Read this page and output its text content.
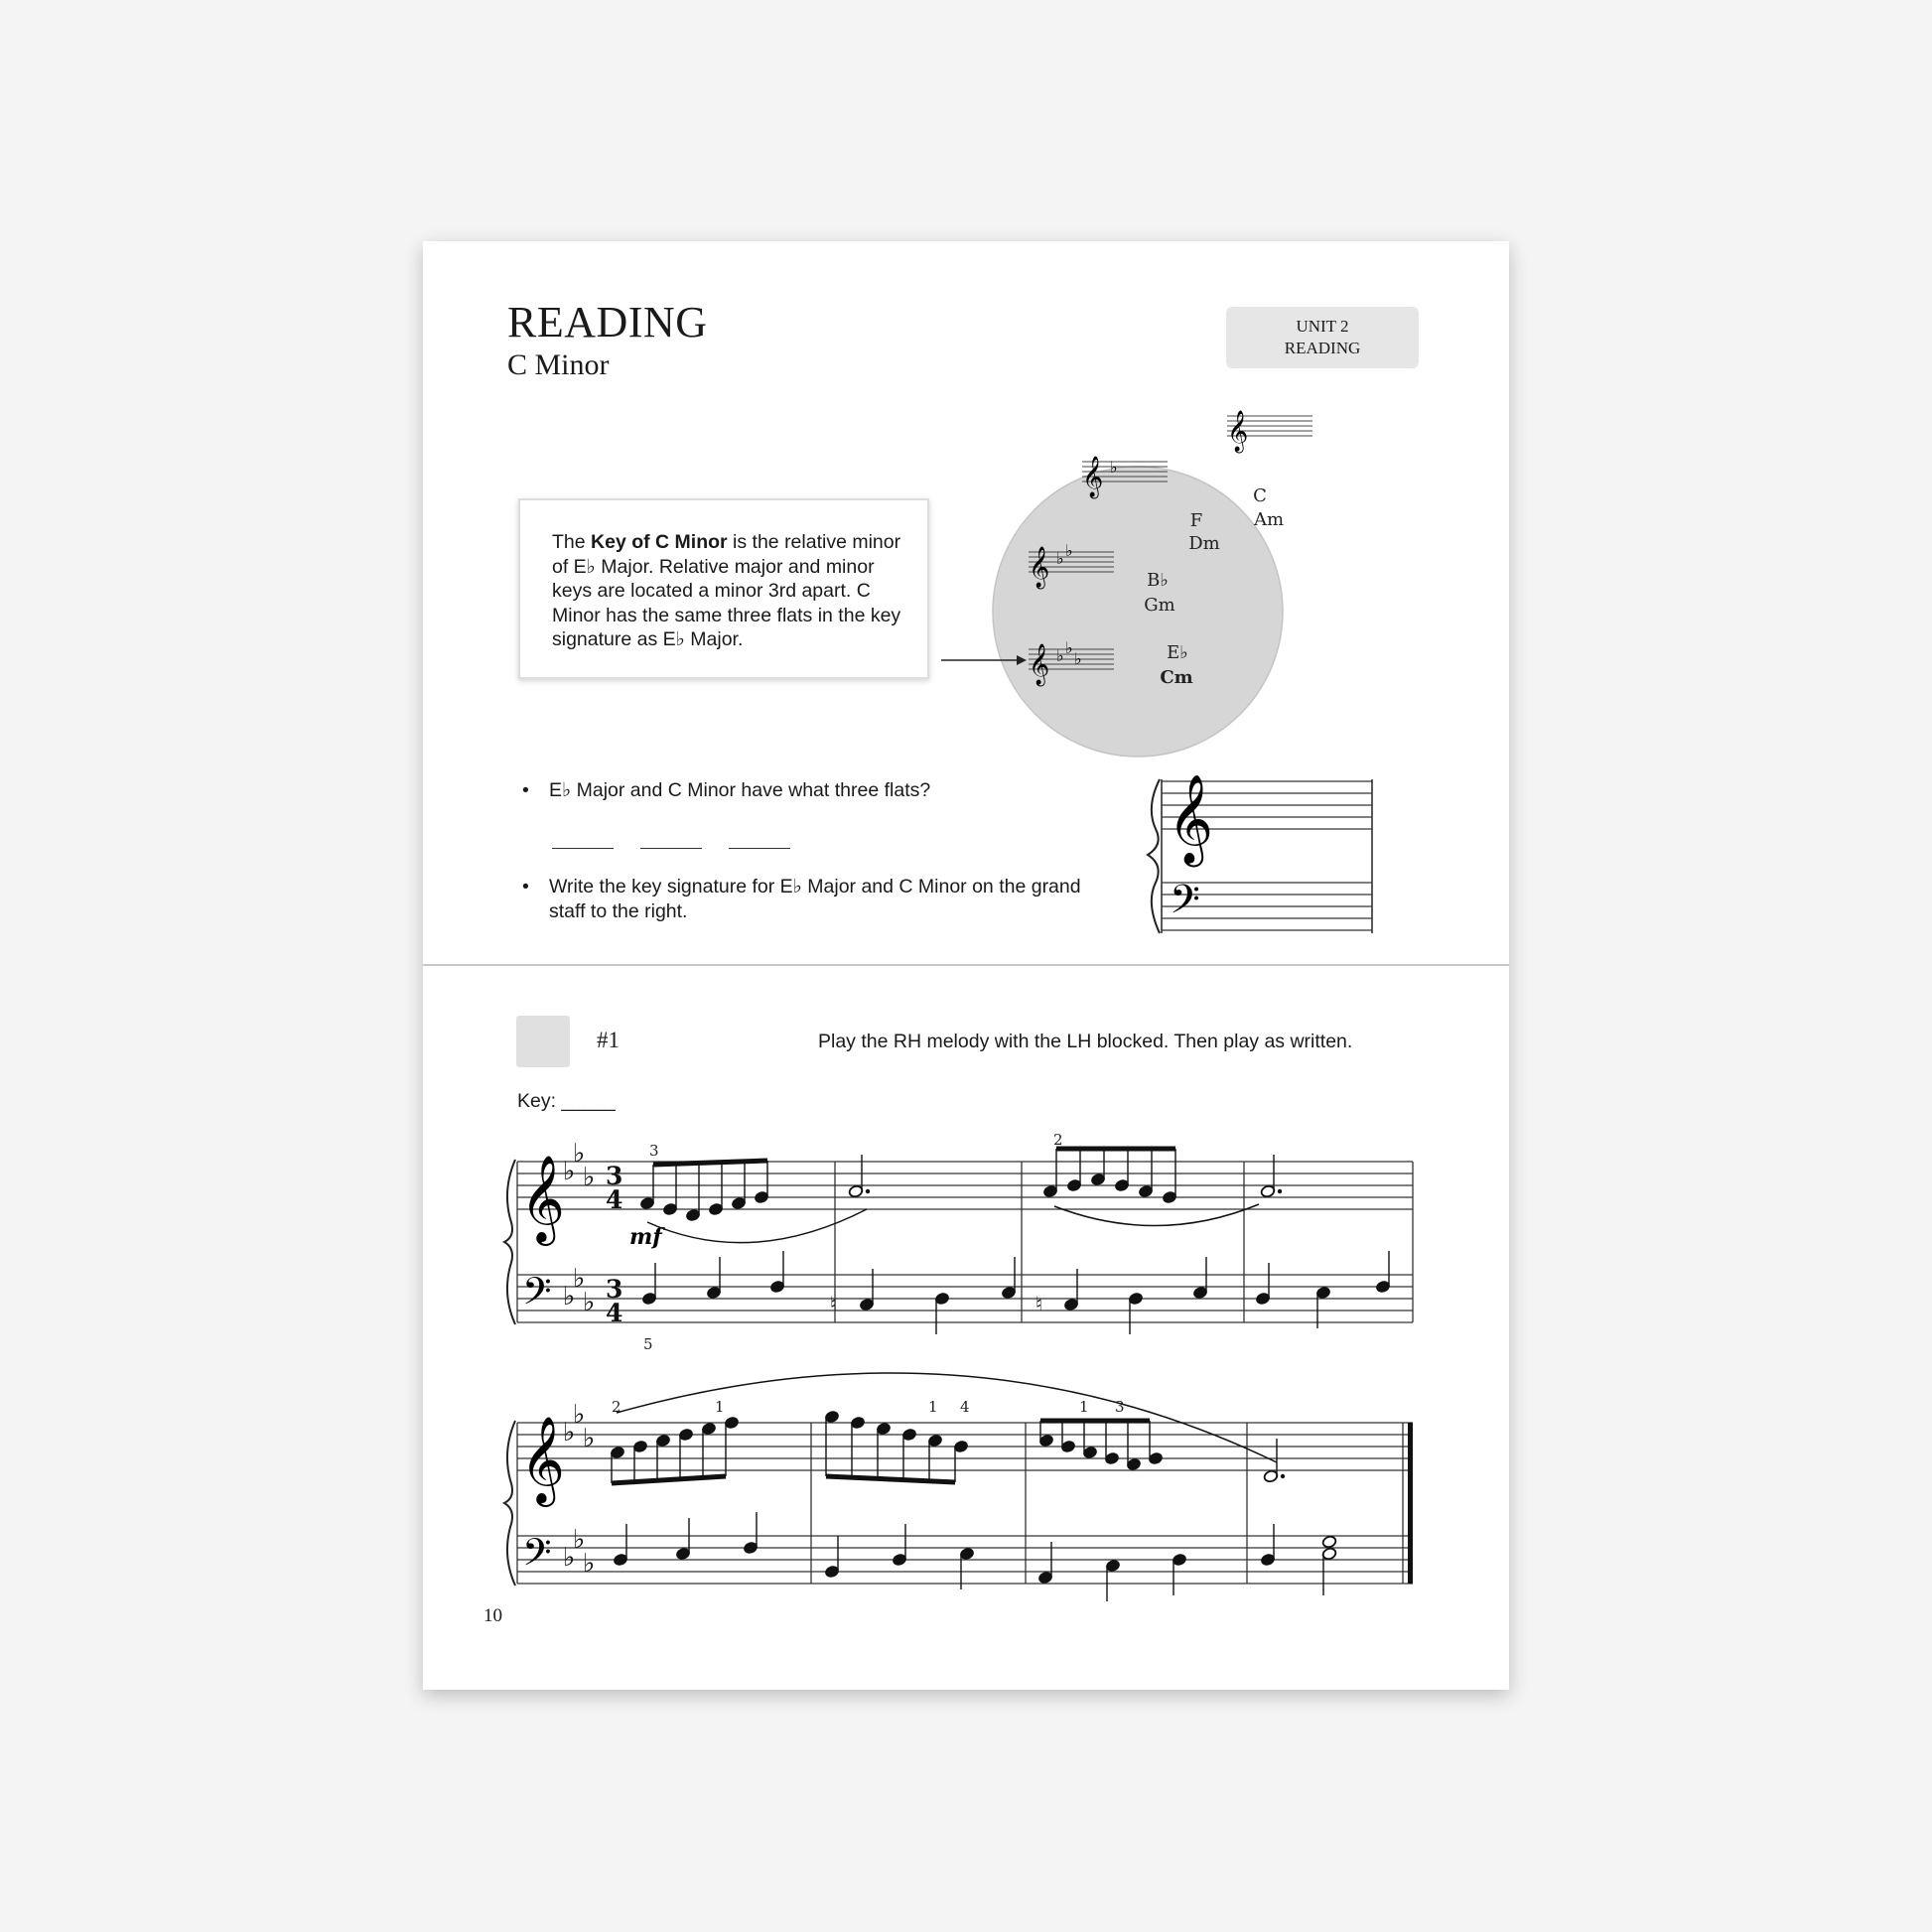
READING
C Minor
UNIT 2
READING
The Key of C Minor is the relative minor of E♭ Major. Relative major and minor keys are located a minor 3rd apart. C Minor has the same three flats in the key signature as E♭ Major.
C
Am
F
Dm
B♭
Gm
E♭
Cm
𝄞
𝄞 ♭
𝄞 ♭ ♭
𝄞 ♭ ♭
♭
𝄞
𝄢
• E♭ Major and C Minor have what three flats?
• Write the key signature for E♭ Major and C Minor on the grand staff to the right.
#1	Play the RH melody with the LH blocked. Then play as written.
Key: _____
𝄞
𝄢
♭
♭
♭
♭
♭
♭
3
4
3
4
mf
3
2
5
♮	♮
𝄞
𝄢
♭
♭
♭
♭
♭
♭
2	1	1 4	1 3
10
